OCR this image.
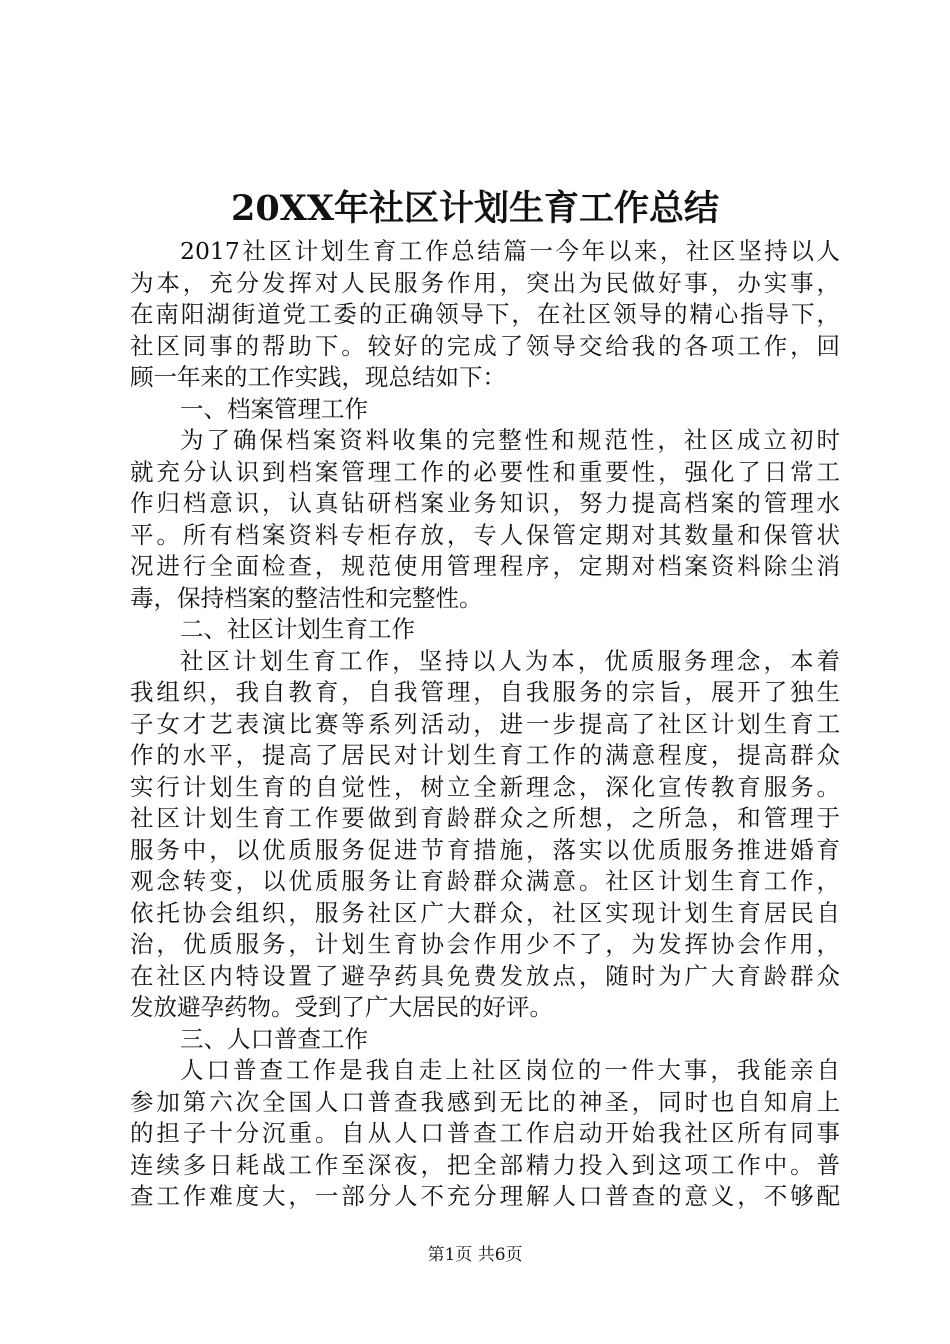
20XX年社区计划生育工作总结
2017社区计划生育工作总结篇一今年以来，社区坚持以人
为本，充分发挥对人民服务作用，突出为民做好事，办实事，
在南阳湖街道党工委的正确领导下，在社区领导的精心指导下，
社区同事的帮助下。较好的完成了领导交给我的各项工作，回
顾一年来的工作实践，现总结如下：
一、档案管理工作
为了确保档案资料收集的完整性和规范性，社区成立初时
就充分认识到档案管理工作的必要性和重要性，强化了日常工
作归档意识，认真钻研档案业务知识，努力提高档案的管理水
平。所有档案资料专柜存放，专人保管定期对其数量和保管状
况进行全面检查，规范使用管理程序，定期对档案资料除尘消
毒，保持档案的整洁性和完整性。
二、社区计划生育工作
社区计划生育工作，坚持以人为本，优质服务理念，本着
我组织，我自教育，自我管理，自我服务的宗旨，展开了独生
子女才艺表演比赛等系列活动，进一步提高了社区计划生育工
作的水平，提高了居民对计划生育工作的满意程度，提高群众
实行计划生育的自觉性，树立全新理念，深化宣传教育服务。
社区计划生育工作要做到育龄群众之所想，之所急，和管理于
服务中，以优质服务促进节育措施，落实以优质服务推进婚育
观念转变，以优质服务让育龄群众满意。社区计划生育工作，
依托协会组织，服务社区广大群众，社区实现计划生育居民自
治，优质服务，计划生育协会作用少不了，为发挥协会作用，
在社区内特设置了避孕药具免费发放点，随时为广大育龄群众
发放避孕药物。受到了广大居民的好评。
三、人口普查工作
人口普查工作是我自走上社区岗位的一件大事，我能亲自
参加第六次全国人口普查我感到无比的神圣，同时也自知肩上
的担子十分沉重。自从人口普查工作启动开始我社区所有同事
连续多日耗战工作至深夜，把全部精力投入到这项工作中。普
查工作难度大，一部分人不充分理解人口普查的意义，不够配
第1页 共6页
